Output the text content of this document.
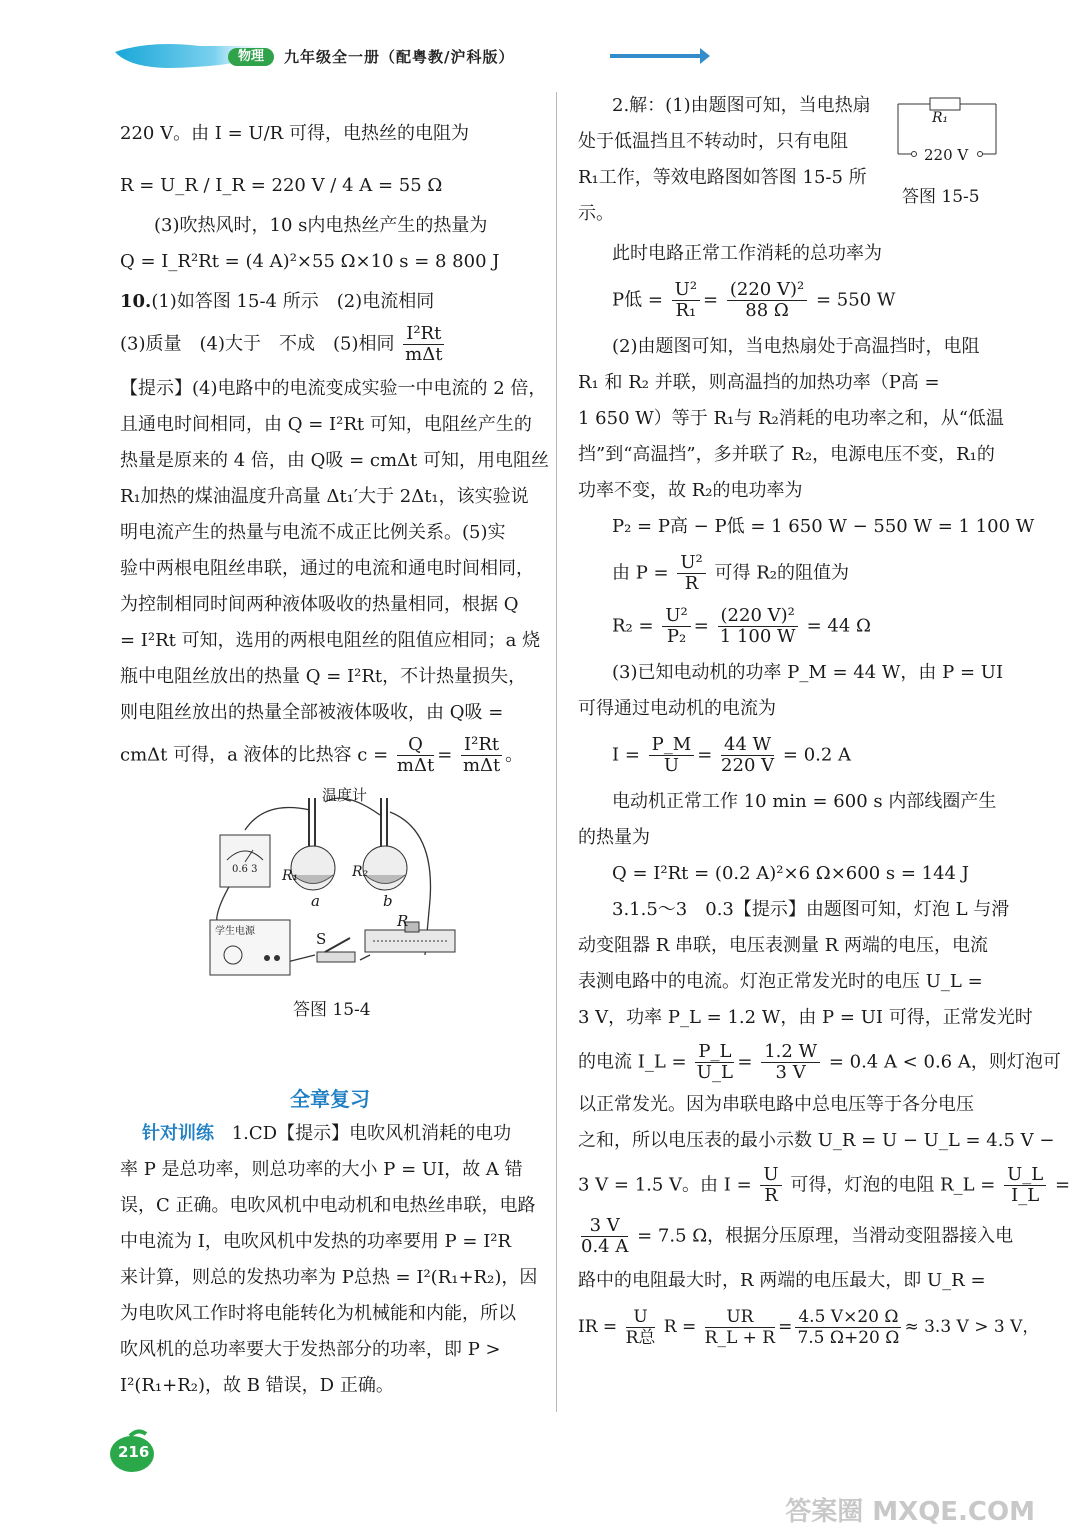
物理 九年级全一册（配粤教/沪科版）

220 V。由 I = U/R 可得，电热丝的电阻为

R = U_R / I_R = 220 V / 4 A = 55 Ω

(3)吹热风时，10 s内电热丝产生的热量为

Q = I_R²Rt = (4 A)²×55 Ω×10 s = 8 800 J

10.(1)如答图 15-4 所示　(2)电流相同

(3)质量　(4)大于　不成　(5)相同 $\frac{\text{I²Rt}}{\text{mΔt}}$

【提示】(4)电路中的电流变成实验一中电流的 2 倍，

且通电时间相同，由 Q = I²Rt 可知，电阻丝产生的

热量是原来的 4 倍，由 Q吸 = cmΔt 可知，用电阻丝

R₁加热的煤油温度升高量 Δt₁′大于 2Δt₁，该实验说

明电流产生的热量与电流不成正比例关系。(5)实

验中两根电阻丝串联，通过的电流和通电时间相同，

为控制相同时间两种液体吸收的热量相同，根据 Q

= I²Rt 可知，选用的两根电阻丝的阻值应相同；a 烧

瓶中电阻丝放出的热量 Q = I²Rt，不计热量损失，

则电阻丝放出的热量全部被液体吸收，由 Q吸 =

cmΔt 可得，a 液体的比热容 $c = \frac{Q}{\text{mΔt}} = \frac{\text{I²Rt}}{\text{mΔt}}$ 。

温度计
R₁	R₂
a	b
R
S
0.6 3
学生电源
答图 15-4
全章复习

针对训练 1.CD【提示】电吹风机消耗的电功

率 P 是总功率，则总功率的大小 P = UI，故 A 错

误，C 正确。电吹风机中电动机和电热丝串联，电路

中电流为 I，电吹风机中发热的功率要用 P = I²R

来计算，则总的发热功率为 P总热 = I²(R₁+R₂)，因

为电吹风工作时将电能转化为机械能和内能，所以

吹风机的总功率要大于发热部分的功率，即 P >

I²(R₁+R₂)，故 B 错误，D 正确。

2.解：(1)由题图可知，当电热扇

处于低温挡且不转动时，只有电阻

R₁工作，等效电路图如答图 15-5 所

示。

R₁
220 V
答图 15-5

此时电路正常工作消耗的总功率为

P低 = $\frac{\text{U²}}{\text{R₁}} = \frac{\text{(220 V)²}}{88 \Omega} = 550$ W

(2)由题图可知，当电热扇处于高温挡时，电阻

R₁ 和 R₂ 并联，则高温挡的加热功率（P高 =

1 650 W）等于 R₁与 R₂消耗的电功率之和，从“低温

挡”到“高温挡”，多并联了 R₂，电源电压不变，R₁的

功率不变，故 R₂的电功率为

P₂ = P高 − P低 = 1 650 W − 550 W = 1 100 W

由 $P = \frac{\text{U²}}{R}$ 可得 R₂的阻值为

$R_2 = \frac{\text{U²}}{\text{P₂}} = \frac{\text{(220 V)²}}{1 100 W} = 44$ Ω

(3)已知电动机的功率 P_M = 44 W，由 P = UI

可得通过电动机的电流为

$I = \frac{P\_M}{U} = \frac{44 W}{220 V} = 0.2$ A

电动机正常工作 10 min = 600 s 内部线圈产生

的热量为

Q = I²Rt = (0.2 A)²×6 Ω×600 s = 144 J

3.1.5～3　0.3【提示】由题图可知，灯泡 L 与滑

动变阻器 R 串联，电压表测量 R 两端的电压，电流

表测电路中的电流。灯泡正常发光时的电压 U_L =

3 V，功率 P_L = 1.2 W，由 P = UI 可得，正常发光时

的电流 I_L = $\frac{P\_L}{U\_L} = \frac{1.2 W}{3 V} = 0.4$ A < 0.6 A，则灯泡可

以正常发光。因为串联电路中总电压等于各分电压

之和，所以电压表的最小示数 U_R = U − U_L = 4.5 V −

3 V = 1.5 V。由 $I = \frac{U}{R}$ 可得，灯泡的电阻 R_L = $\frac{U\_L}{I\_L}$ =

$\frac{3 V}{0.4 A} = 7.5$ Ω，根据分压原理，当滑动变阻器接入电

路中的电阻最大时，R 两端的电压最大，即 U_R =

IR = $\frac{U}{\text{R总}}$ $R = \frac{UR}{R\_L + R} = \frac{4.5 V\times 20 \Omega}{7.5 \Omega+20 \Omega} \approx 3.3$ V > 3 V，

216
答案圈 MXQE.COM
